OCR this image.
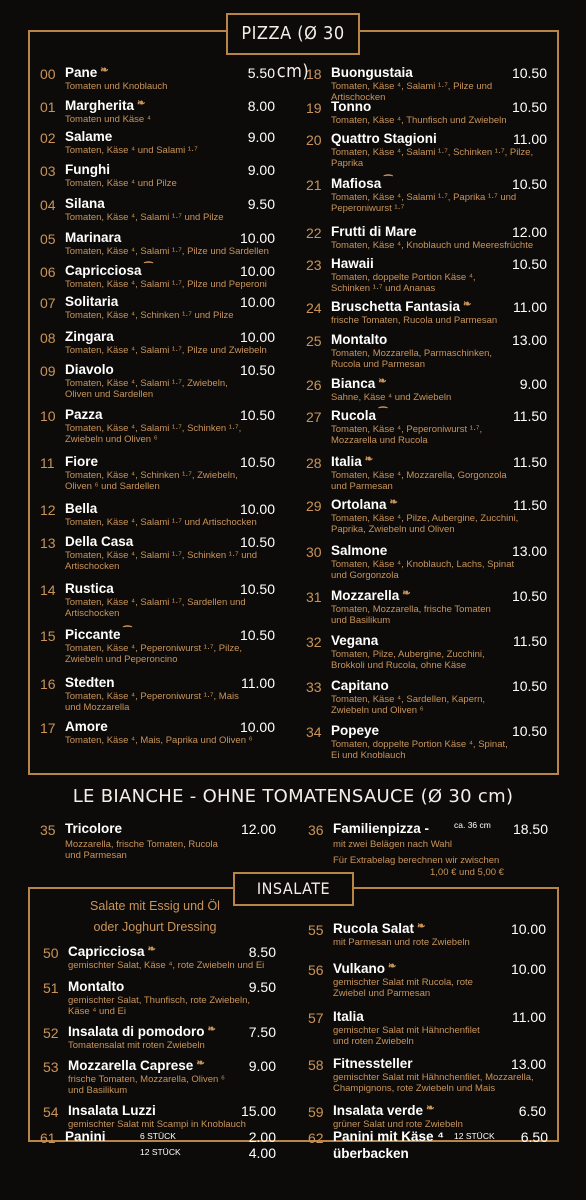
PIZZA (Ø 30 cm)
00 Pane ❧	5.50
Tomaten und Knoblauch
01 Margherita ❧	8.00
Tomaten und Käse ⁴
02 Salame	9.00
Tomaten, Käse ⁴ und Salami ¹·⁷
03 Funghi	9.00
Tomaten, Käse ⁴ und Pilze
04 Silana	9.50
Tomaten, Käse ⁴, Salami ¹·⁷ und Pilze
05 Marinara	10.00
Tomaten, Käse ⁴, Salami ¹·⁷, Pilze und Sardellen
06 Capricciosa ⁀	10.00
Tomaten, Käse ⁴, Salami ¹·⁷, Pilze und Peperoni
07 Solitaria	10.00
Tomaten, Käse ⁴, Schinken ¹·⁷ und Pilze
08 Zingara	10.00
Tomaten, Käse ⁴, Salami ¹·⁷, Pilze und Zwiebeln
09 Diavolo	10.50
Tomaten, Käse ⁴, Salami ¹·⁷, Zwiebeln,
Oliven und Sardellen
10 Pazza	10.50
Tomaten, Käse ⁴, Salami ¹·⁷, Schinken ¹·⁷,
Zwiebeln und Oliven ⁶
11 Fiore	10.50
Tomaten, Käse ⁴, Schinken ¹·⁷, Zwiebeln,
Oliven ⁶ und Sardellen
12 Bella	10.00
Tomaten, Käse ⁴, Salami ¹·⁷ und Artischocken
13 Della Casa	10.50
Tomaten, Käse ⁴, Salami ¹·⁷, Schinken ¹·⁷ und
Artischocken
14 Rustica	10.50
Tomaten, Käse ⁴, Salami ¹·⁷, Sardellen und
Artischocken
15 Piccante ⁀	10.50
Tomaten, Käse ⁴, Peperoniwurst ¹·⁷, Pilze,
Zwiebeln und Peperoncino
16 Stedten	11.00
Tomaten, Käse ⁴, Peperoniwurst ¹·⁷, Mais
und Mozzarella
17 Amore	10.00
Tomaten, Käse ⁴, Mais, Paprika und Oliven ⁶
18 Buongustaia	10.50
Tomaten, Käse ⁴, Salami ¹·⁷, Pilze und Artischocken
19 Tonno	10.50
Tomaten, Käse ⁴, Thunfisch und Zwiebeln
20 Quattro Stagioni	11.00
Tomaten, Käse ⁴, Salami ¹·⁷, Schinken ¹·⁷, Pilze,
Paprika
21 Mafiosa ⁀	10.50
Tomaten, Käse ⁴, Salami ¹·⁷, Paprika ¹·⁷ und
Peperoniwurst ¹·⁷
22 Frutti di Mare	12.00
Tomaten, Käse ⁴, Knoblauch und Meeresfrüchte
23 Hawaii	10.50
Tomaten, doppelte Portion Käse ⁴,
Schinken ¹·⁷ und Ananas
24 Bruschetta Fantasia ❧	11.00
frische Tomaten, Rucola und Parmesan
25 Montalto	13.00
Tomaten, Mozzarella, Parmaschinken,
Rucola und Parmesan
26 Bianca ❧	9.00
Sahne, Käse ⁴ und Zwiebeln
27 Rucola ⁀	11.50
Tomaten, Käse ⁴, Peperoniwurst ¹·⁷,
Mozzarella und Rucola
28 Italia ❧	11.50
Tomaten, Käse ⁴, Mozzarella, Gorgonzola
und Parmesan
29 Ortolana ❧	11.50
Tomaten, Käse ⁴, Pilze, Aubergine, Zucchini,
Paprika, Zwiebeln und Oliven
30 Salmone	13.00
Tomaten, Käse ⁴, Knoblauch, Lachs, Spinat
und Gorgonzola
31 Mozzarella ❧	10.50
Tomaten, Mozzarella, frische Tomaten
und Basilikum
32 Vegana	11.50
Tomaten, Pilze, Aubergine, Zucchini,
Brokkoli und Rucola, ohne Käse
33 Capitano	10.50
Tomaten, Käse ⁴, Sardellen, Kapern,
Zwiebeln und Oliven ⁶
34 Popeye	10.50
Tomaten, doppelte Portion Käse ⁴, Spinat,
Ei und Knoblauch
LE BIANCHE - OHNE TOMATENSAUCE (Ø 30 cm)
35 Tricolore	12.00
Mozzarella, frische Tomaten, Rucola
und Parmesan
36 Familienpizza -	ca. 36 cm 18.50
mit zwei Belägen nach Wahl
Für Extrabelag berechnen wir zwischen
1,00 € und 5,00 €
INSALATE
Salate mit Essig und Öl
oder Joghurt Dressing
50 Capricciosa ❧	8.50
gemischter Salat, Käse ⁴, rote Zwiebeln und Ei
51 Montalto	9.50
gemischter Salat, Thunfisch, rote Zwiebeln,
Käse ⁴ und Ei
52 Insalata di pomodoro ❧ 7.50
Tomatensalat mit roten Zwiebeln
53 Mozzarella Caprese ❧	9.00
frische Tomaten, Mozzarella, Oliven ⁶
und Basilikum
54 Insalata Luzzi	15.00
gemischter Salat mit Scampi in Knoblauch
55 Rucola Salat ❧	10.00
mit Parmesan und rote Zwiebeln
56 Vulkano ❧	10.00
gemischter Salat mit Rucola, rote
Zwiebel und Parmesan
57 Italia	11.00
gemischter Salat mit Hähnchenfilet
und roten Zwiebeln
58 Fitnessteller	13.00
gemischter Salat mit Hähnchenfilet, Mozzarella,
Champignons, rote Zwiebeln und Mais
59 Insalata verde ❧	6.50
grüner Salat und rote Zwiebeln
61 Panini	6 STÜCK	2.00
12 STÜCK	4.00
62 Panini mit Käse ⁴
überbacken
12 STÜCK 6.50
